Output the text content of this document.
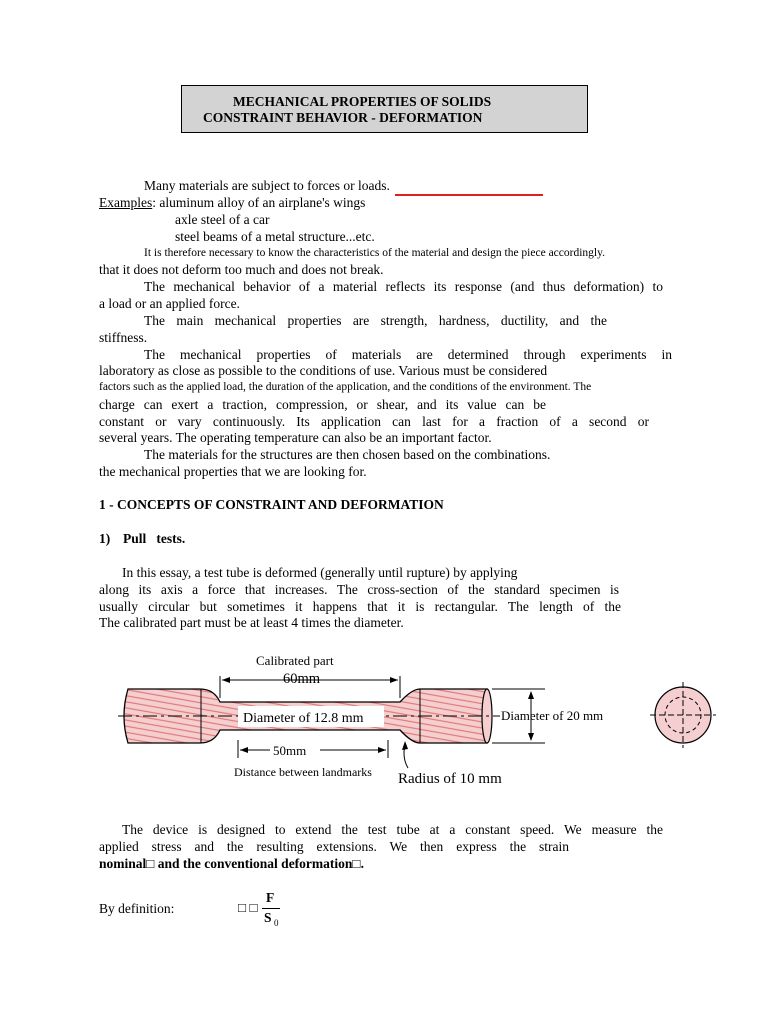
MECHANICAL PROPERTIES OF SOLIDS
CONSTRAINT BEHAVIOR - DEFORMATION
Many materials are subject to forces or loads.
Examples: aluminum alloy of an airplane's wings
axle steel of a car
steel beams of a metal structure...etc.
It is therefore necessary to know the characteristics of the material and design the piece accordingly.
that it does not deform too much and does not break.
The mechanical behavior of a material reflects its response (and thus deformation) to
a load or an applied force.
The main mechanical properties are strength, hardness, ductility, and the
stiffness.
The mechanical properties of materials are determined through experiments in
laboratory as close as possible to the conditions of use. Various must be considered
factors such as the applied load, the duration of the application, and the conditions of the environment. The
charge can exert a traction, compression, or shear, and its value can be
constant or vary continuously. Its application can last for a fraction of a second or
several years. The operating temperature can also be an important factor.
The materials for the structures are then chosen based on the combinations.
the mechanical properties that we are looking for.
1 - CONCEPTS OF CONSTRAINT AND DEFORMATION
1) Pull   tests.
In this essay, a test tube is deformed (generally until rupture) by applying
along its axis a force that increases. The cross-section of the standard specimen is
usually circular but sometimes it happens that it is rectangular. The length of the
The calibrated part must be at least 4 times the diameter.
Calibrated part
60mm
Diameter of 12.8 mm	Diameter of 20 mm
50mm
Distance between landmarks Radius of 10 mm
The device is designed to extend the test tube at a constant speed. We measure the
applied stress and the resulting extensions. We then express the strain
nominal□ and the conventional deformation□.
By definition:	□ □
F
S 0
